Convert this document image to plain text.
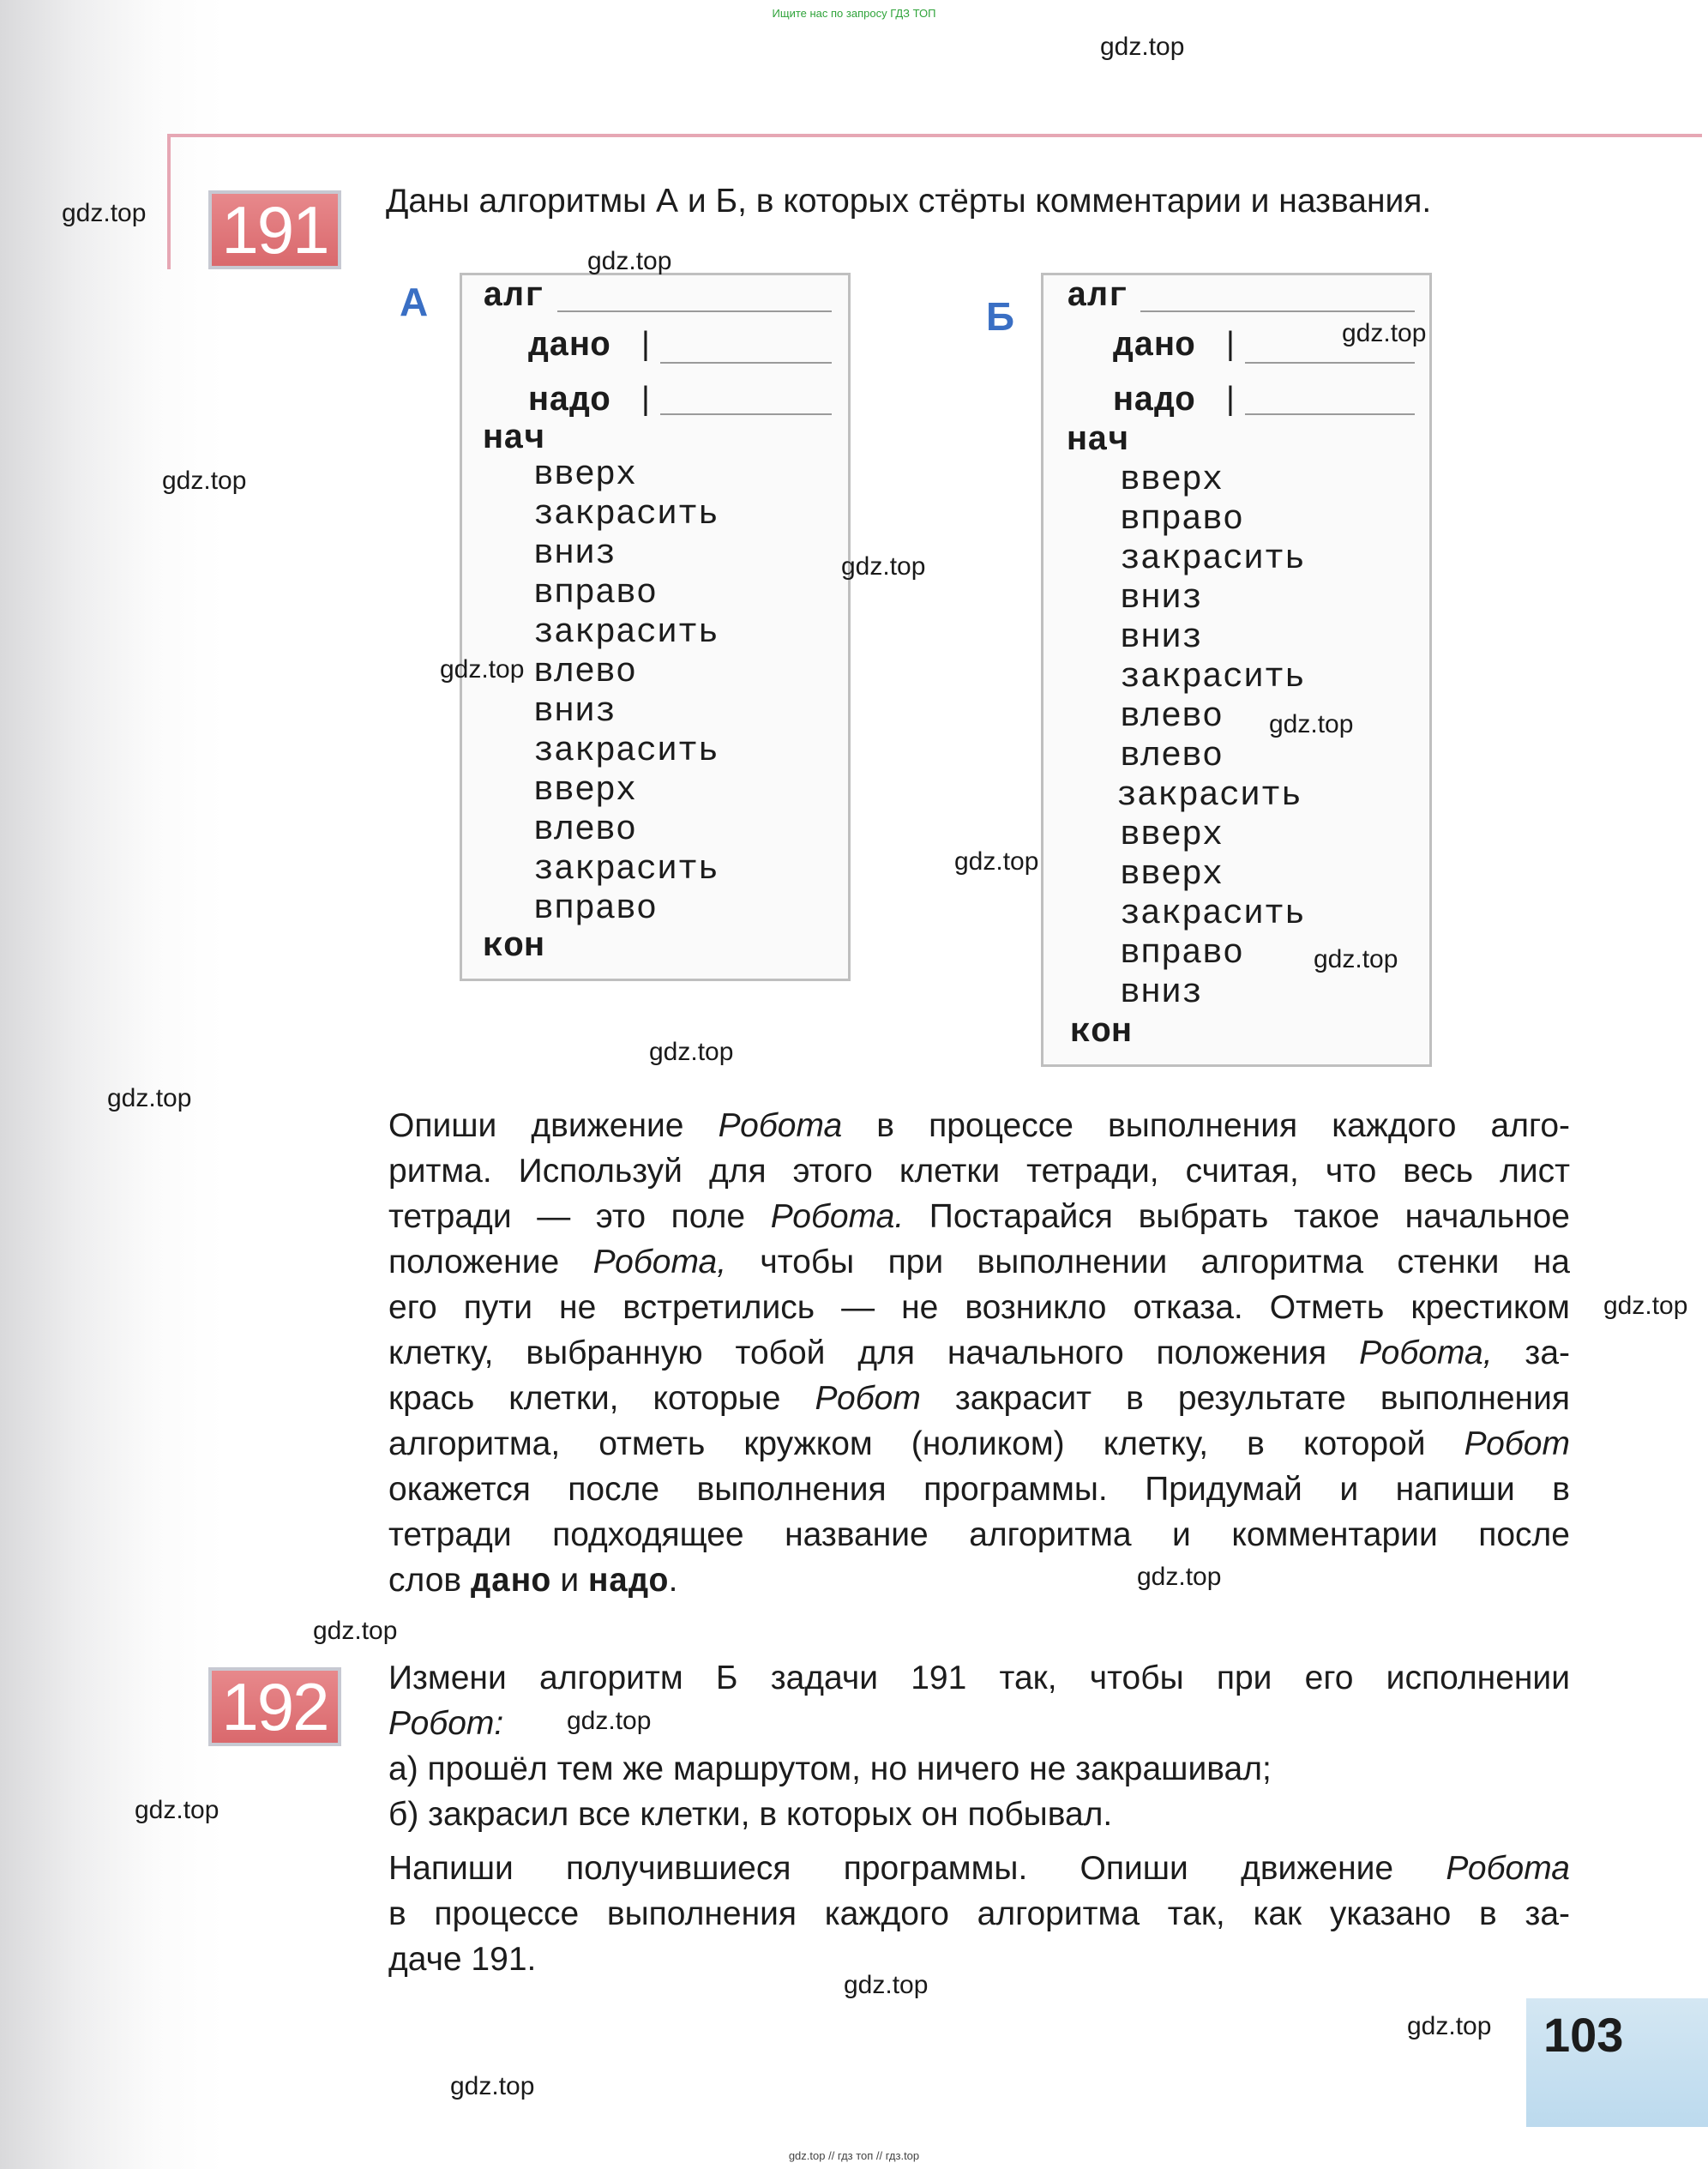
Ищите нас по запросу ГДЗ ТОП
191	Даны алгоритмы А и Б, в которых стёрты комментарии и названия.
А алг
дано |
надо |
нач
вверх
закрасить
вниз
вправо
закрасить
влево
вниз
закрасить
вверх
влево
закрасить
вправо
кон
Б алг
дано |
надо |
нач
вверх
вправо
закрасить
вниз
вниз
закрасить
влево
влево
закрасить
вверх
вверх
закрасить
вправо
вниз
кон
Опиши движение Робота в процессе выполнения каждого алго-
ритма. Используй для этого клетки тетради, считая, что весь лист
тетради — это поле Робота. Постарайся выбрать такое начальное
положение Робота, чтобы при выполнении алгоритма стенки на
его пути не встретились — не возникло отказа. Отметь крестиком
клетку, выбранную тобой для начального положения Робота, за-
крась клетки, которые Робот закрасит в результате выполнения
алгоритма, отметь кружком (ноликом) клетку, в которой Робот
окажется после выполнения программы. Придумай и напиши в
тетради подходящее название алгоритма и комментарии после
слов дано и надо.
192	Измени алгоритм Б задачи 191 так, чтобы при его исполнении
Робот:
а) прошёл тем же маршрутом, но ничего не закрашивал;
б) закрасил все клетки, в которых он побывал.
Напиши получившиеся программы. Опиши движение Робота
в процессе выполнения каждого алгоритма так, как указано в за-
даче 191.
103
gdz.top
gdz.top
gdz.top
gdz.top
gdz.top
gdz.top
gdz.top
gdz.top
gdz.top
gdz.top
gdz.top
gdz.top
gdz.top
gdz.top
gdz.top
gdz.top
gdz.top
gdz.top
gdz.top
gdz.top
gdz.top // гдз топ // гдз.top
